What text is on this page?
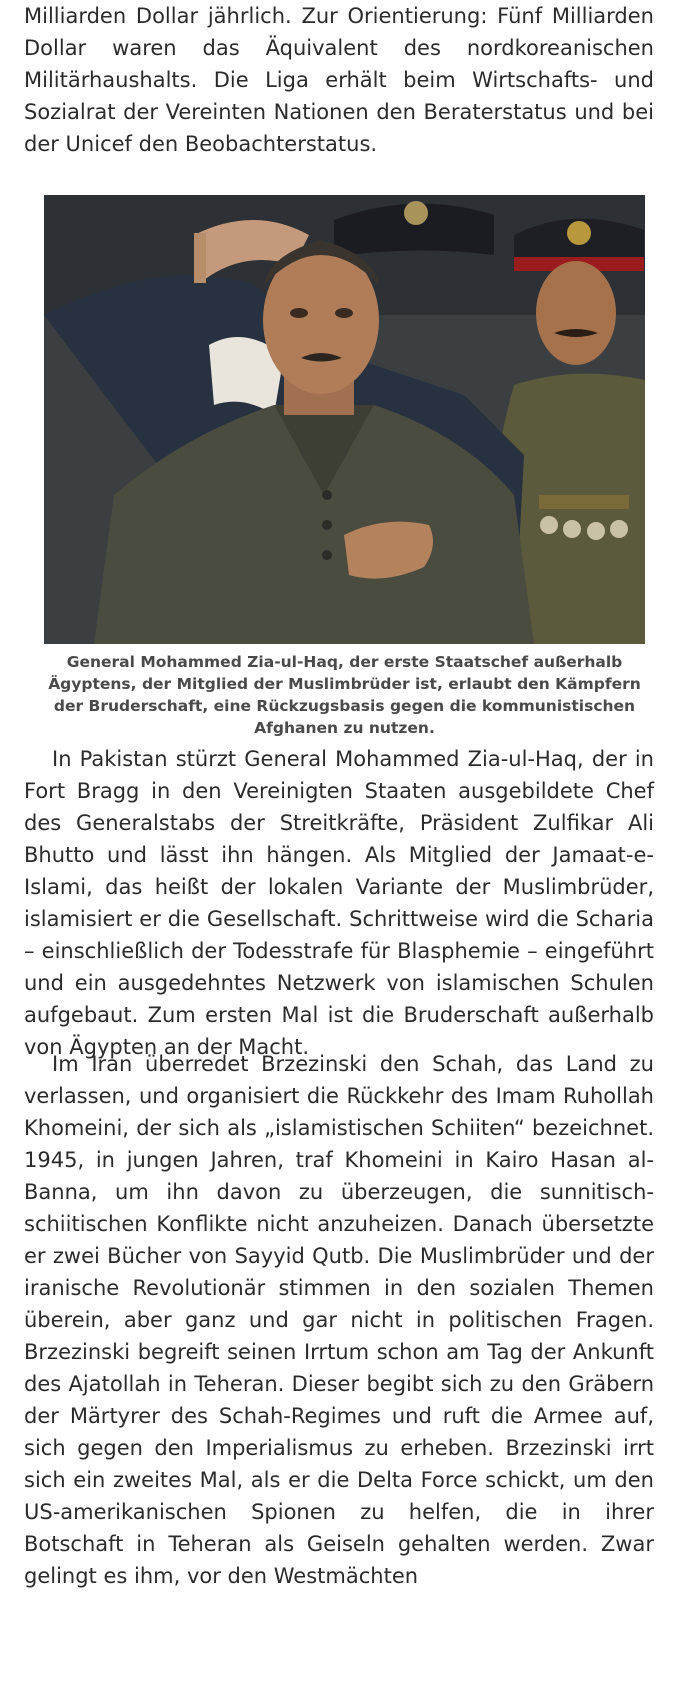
Milliarden Dollar jährlich. Zur Orientierung: Fünf Milliarden Dollar waren das Äquivalent des nordkoreanischen Militärhaushalts. Die Liga erhält beim Wirtschafts- und Sozialrat der Vereinten Nationen den Beraterstatus und bei der Unicef den Beobachterstatus.

General Mohammed Zia-ul-Haq, der erste Staatschef außerhalb Ägyptens, der Mitglied der Muslimbrüder ist, erlaubt den Kämpfern der Bruderschaft, eine Rückzugsbasis gegen die kommunistischen Afghanen zu nutzen.

In Pakistan stürzt General Mohammed Zia-ul-Haq, der in Fort Bragg in den Vereinigten Staaten ausgebildete Chef des Generalstabs der Streitkräfte, Präsident Zulfikar Ali Bhutto und lässt ihn hängen. Als Mitglied der Jamaat-e-Islami, das heißt der lokalen Variante der Muslimbrüder, islamisiert er die Gesellschaft. Schrittweise wird die Scharia – einschließlich der Todesstrafe für Blasphemie – eingeführt und ein ausgedehntes Netzwerk von islamischen Schulen aufgebaut. Zum ersten Mal ist die Bruderschaft außerhalb von Ägypten an der Macht.

Im Iran überredet Brzezinski den Schah, das Land zu verlassen, und organisiert die Rückkehr des Imam Ruhollah Khomeini, der sich als „islamistischen Schiiten“ bezeichnet. 1945, in jungen Jahren, traf Khomeini in Kairo Hasan al-Banna, um ihn davon zu überzeugen, die sunnitisch-schiitischen Konflikte nicht anzuheizen. Danach übersetzte er zwei Bücher von Sayyid Qutb. Die Muslimbrüder und der iranische Revolutionär stimmen in den sozialen Themen überein, aber ganz und gar nicht in politischen Fragen. Brzezinski begreift seinen Irrtum schon am Tag der Ankunft des Ajatollah in Teheran. Dieser begibt sich zu den Gräbern der Märtyrer des Schah-Regimes und ruft die Armee auf, sich gegen den Imperialismus zu erheben. Brzezinski irrt sich ein zweites Mal, als er die Delta Force schickt, um den US-amerikanischen Spionen zu helfen, die in ihrer Botschaft in Teheran als Geiseln gehalten werden. Zwar gelingt es ihm, vor den Westmächten
